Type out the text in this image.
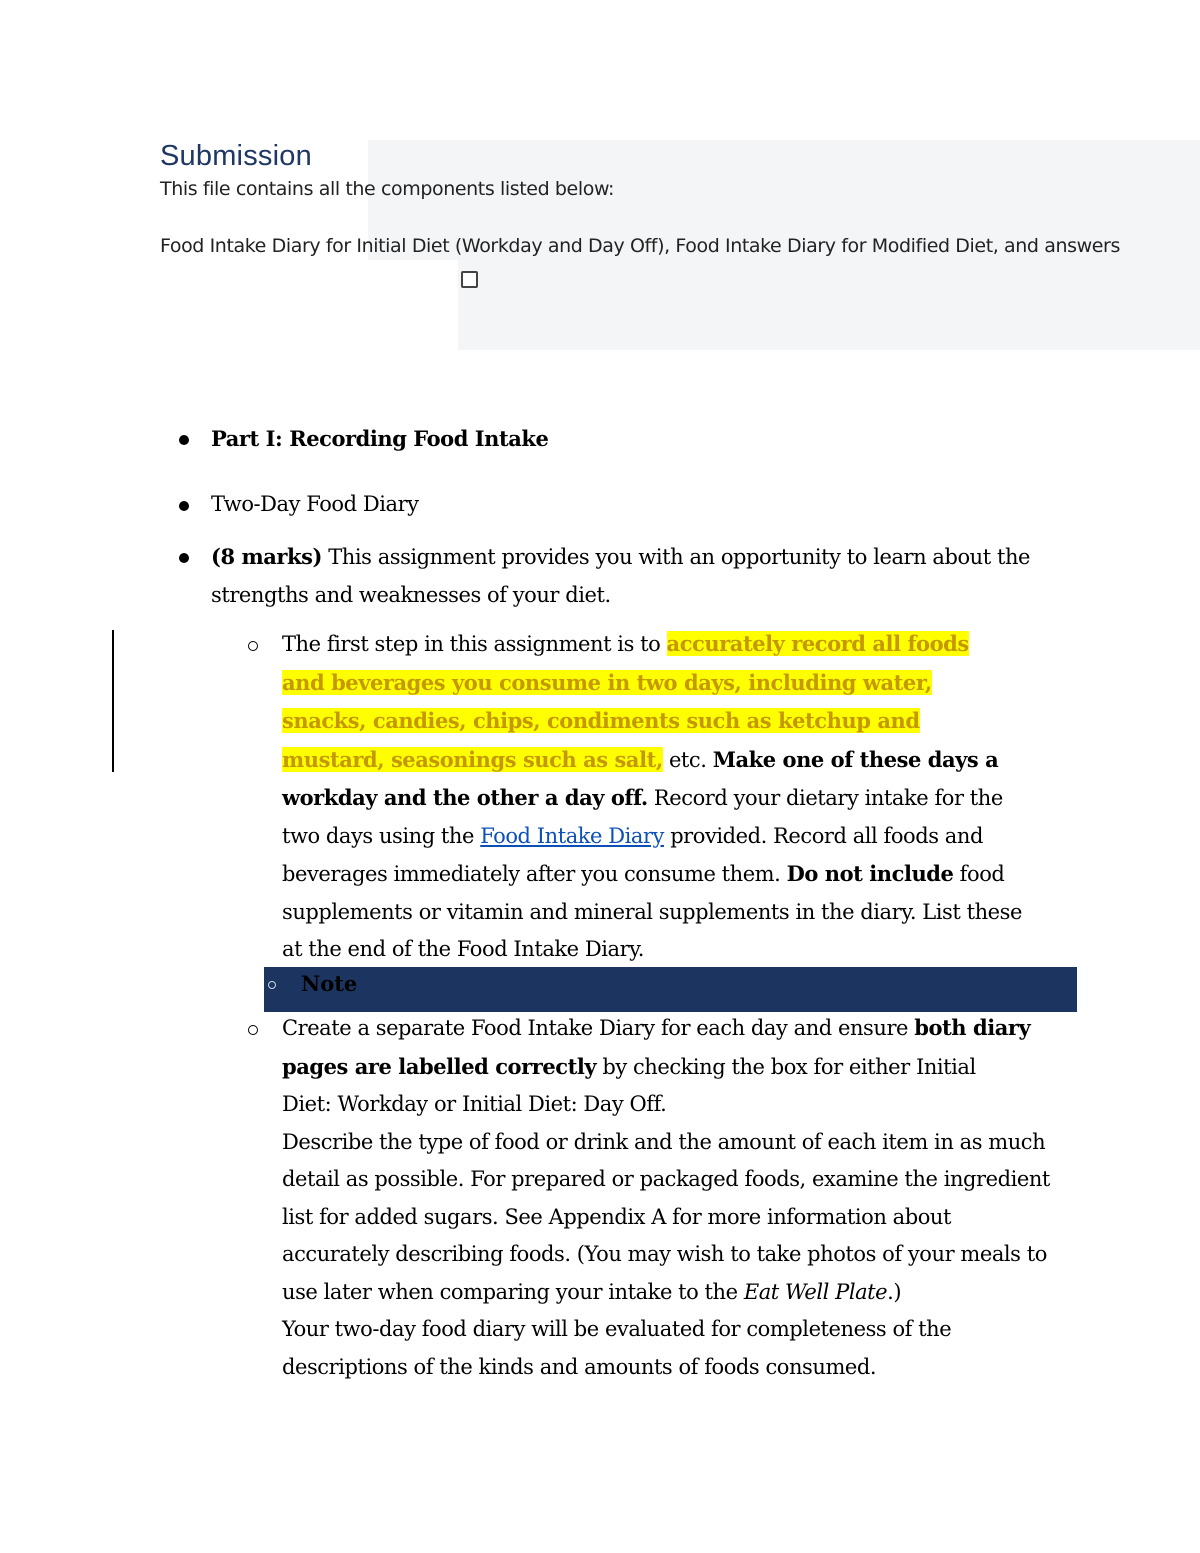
Submission

This file contains all the components listed below:

Food Intake Diary for Initial Diet (Workday and Day Off), Food Intake Diary for Modified Diet, and answers

Part I: Recording Food Intake

Two-Day Food Diary

(8 marks) This assignment provides you with an opportunity to learn about the
strengths and weaknesses of your diet.

The first step in this assignment is to accurately record all foods
and beverages you consume in two days, including water,
snacks, candies, chips, condiments such as ketchup and
mustard, seasonings such as salt, etc. Make one of these days a
workday and the other a day off. Record your dietary intake for the
two days using the Food Intake Diary provided. Record all foods and
beverages immediately after you consume them. Do not include food
supplements or vitamin and mineral supplements in the diary. List these
at the end of the Food Intake Diary.

Note

Create a separate Food Intake Diary for each day and ensure both diary
pages are labelled correctly by checking the box for either Initial
Diet: Workday or Initial Diet: Day Off.
Describe the type of food or drink and the amount of each item in as much
detail as possible. For prepared or packaged foods, examine the ingredient
list for added sugars. See Appendix A for more information about
accurately describing foods. (You may wish to take photos of your meals to
use later when comparing your intake to the Eat Well Plate.)
Your two-day food diary will be evaluated for completeness of the
descriptions of the kinds and amounts of foods consumed.
